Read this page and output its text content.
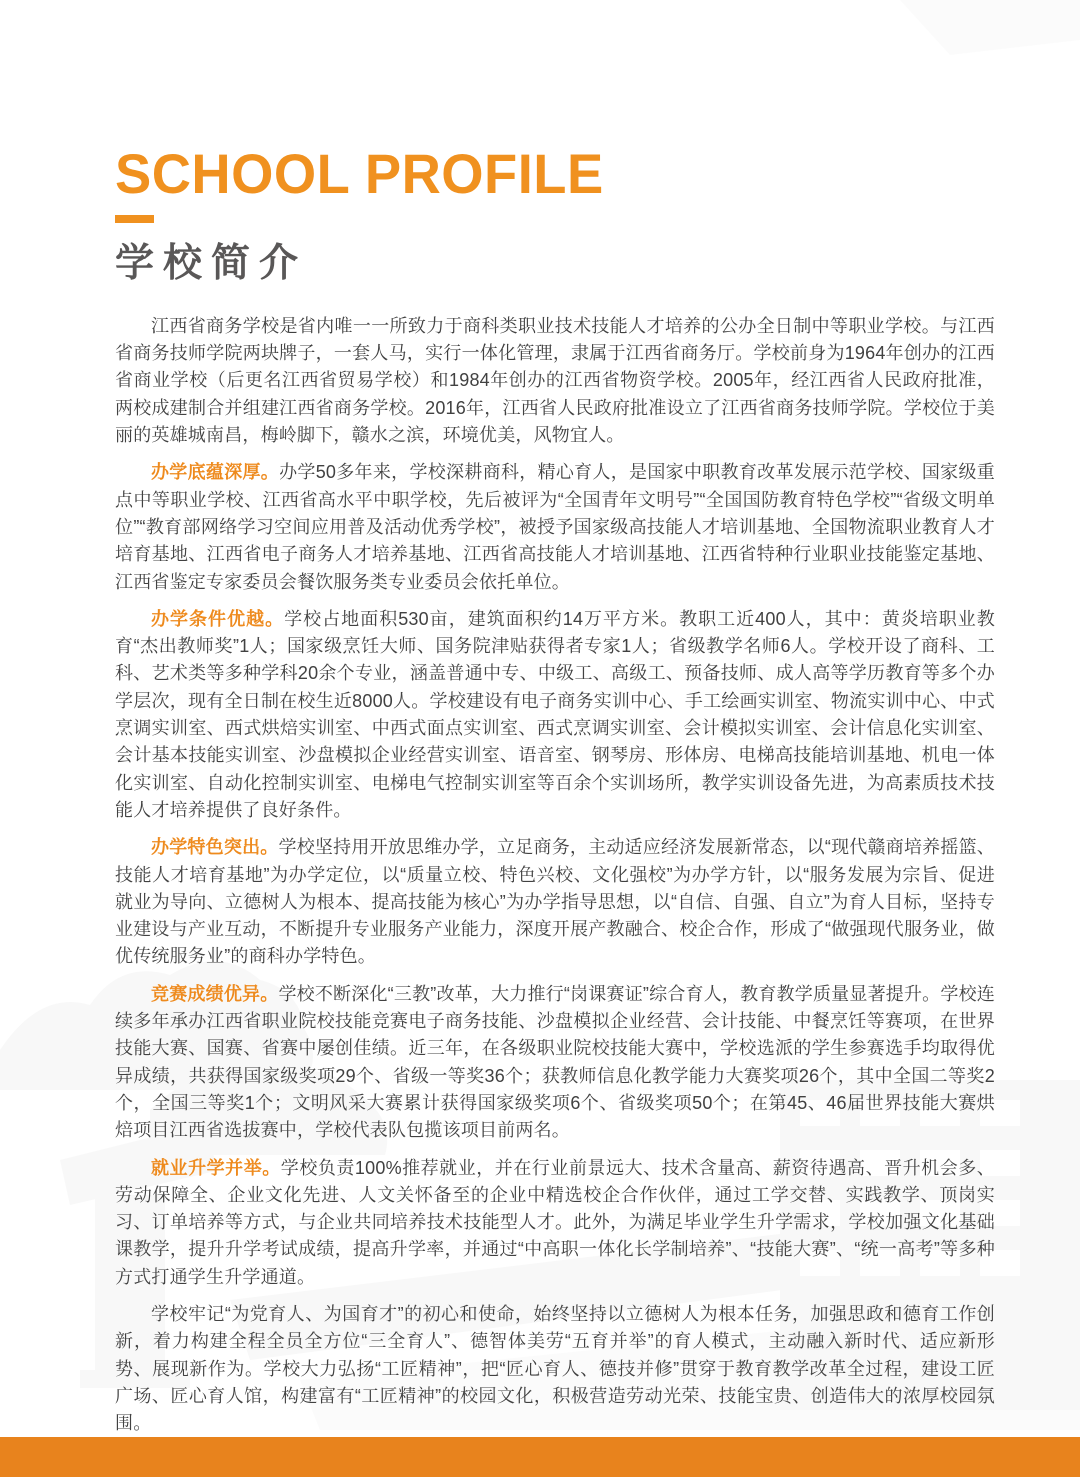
SCHOOL PROFILE
学校简介

江西省商务学校是省内唯一一所致力于商科类职业技术技能人才培养的公办全日制中等职业学校。与江西省商务技师学院两块牌子，一套人马，实行一体化管理，隶属于江西省商务厅。学校前身为1964年创办的江西省商业学校（后更名江西省贸易学校）和1984年创办的江西省物资学校。2005年，经江西省人民政府批准，两校成建制合并组建江西省商务学校。2016年，江西省人民政府批准设立了江西省商务技师学院。学校位于美丽的英雄城南昌，梅岭脚下，赣水之滨，环境优美，风物宜人。

办学底蕴深厚。办学50多年来，学校深耕商科，精心育人，是国家中职教育改革发展示范学校、国家级重点中等职业学校、江西省高水平中职学校，先后被评为“全国青年文明号”“全国国防教育特色学校”“省级文明单位”“教育部网络学习空间应用普及活动优秀学校”，被授予国家级高技能人才培训基地、全国物流职业教育人才培育基地、江西省电子商务人才培养基地、江西省高技能人才培训基地、江西省特种行业职业技能鉴定基地、江西省鉴定专家委员会餐饮服务类专业委员会依托单位。

办学条件优越。学校占地面积530亩，建筑面积约14万平方米。教职工近400人，其中：黄炎培职业教育“杰出教师奖”1人；国家级烹饪大师、国务院津贴获得者专家1人；省级教学名师6人。学校开设了商科、工科、艺术类等多种学科20余个专业，涵盖普通中专、中级工、高级工、预备技师、成人高等学历教育等多个办学层次，现有全日制在校生近8000人。学校建设有电子商务实训中心、手工绘画实训室、物流实训中心、中式烹调实训室、西式烘焙实训室、中西式面点实训室、西式烹调实训室、会计模拟实训室、会计信息化实训室、会计基本技能实训室、沙盘模拟企业经营实训室、语音室、钢琴房、形体房、电梯高技能培训基地、机电一体化实训室、自动化控制实训室、电梯电气控制实训室等百余个实训场所，教学实训设备先进，为高素质技术技能人才培养提供了良好条件。

办学特色突出。学校坚持用开放思维办学，立足商务，主动适应经济发展新常态，以“现代赣商培养摇篮、技能人才培育基地”为办学定位，以“质量立校、特色兴校、文化强校”为办学方针，以“服务发展为宗旨、促进就业为导向、立德树人为根本、提高技能为核心”为办学指导思想，以“自信、自强、自立”为育人目标，坚持专业建设与产业互动，不断提升专业服务产业能力，深度开展产教融合、校企合作，形成了“做强现代服务业，做优传统服务业”的商科办学特色。

竞赛成绩优异。学校不断深化“三教”改革，大力推行“岗课赛证”综合育人，教育教学质量显著提升。学校连续多年承办江西省职业院校技能竞赛电子商务技能、沙盘模拟企业经营、会计技能、中餐烹饪等赛项，在世界技能大赛、国赛、省赛中屡创佳绩。近三年，在各级职业院校技能大赛中，学校选派的学生参赛选手均取得优异成绩，共获得国家级奖项29个、省级一等奖36个；获教师信息化教学能力大赛奖项26个，其中全国二等奖2个，全国三等奖1个；文明风采大赛累计获得国家级奖项6个、省级奖项50个；在第45、46届世界技能大赛烘焙项目江西省选拔赛中，学校代表队包揽该项目前两名。

就业升学并举。学校负责100%推荐就业，并在行业前景远大、技术含量高、薪资待遇高、晋升机会多、劳动保障全、企业文化先进、人文关怀备至的企业中精选校企合作伙伴，通过工学交替、实践教学、顶岗实习、订单培养等方式，与企业共同培养技术技能型人才。此外，为满足毕业学生升学需求，学校加强文化基础课教学，提升升学考试成绩，提高升学率，并通过“中高职一体化长学制培养”、“技能大赛”、“统一高考”等多种方式打通学生升学通道。

学校牢记“为党育人、为国育才”的初心和使命，始终坚持以立德树人为根本任务，加强思政和德育工作创新，着力构建全程全员全方位“三全育人”、德智体美劳“五育并举”的育人模式，主动融入新时代、适应新形势、展现新作为。学校大力弘扬“工匠精神”，把“匠心育人、德技并修”贯穿于教育教学改革全过程，建设工匠广场、匠心育人馆，构建富有“工匠精神”的校园文化，积极营造劳动光荣、技能宝贵、创造伟大的浓厚校园氛围。
